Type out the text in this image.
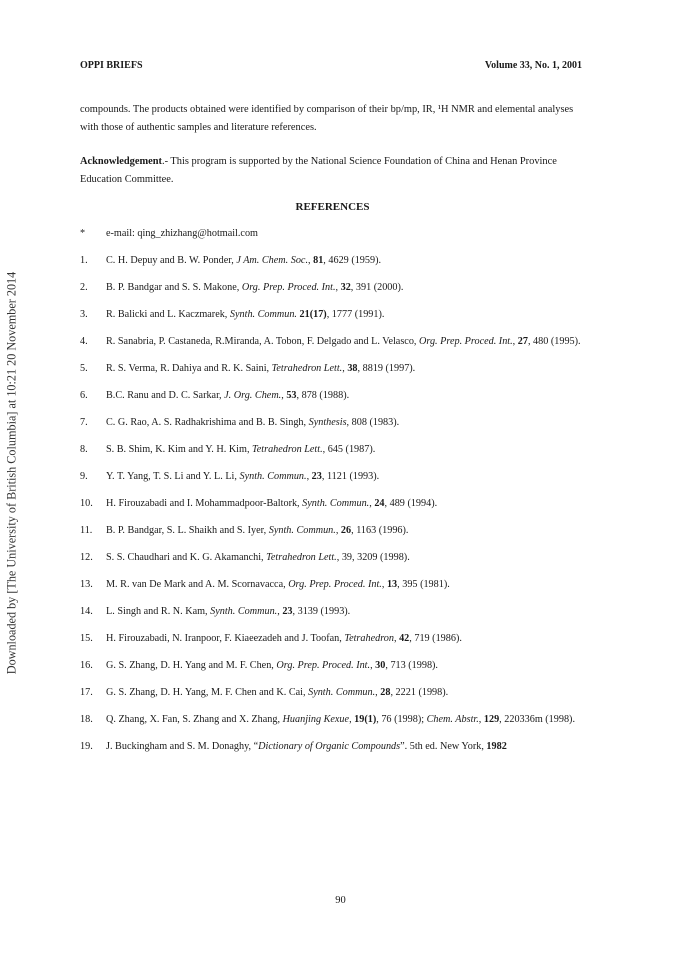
Downloaded by [The University of British Columbia] at 10:21 20 November 2014
OPPI BRIEFS	Volume 33, No. 1, 2001
compounds. The products obtained were identified by comparison of their bp/mp, IR, ¹H NMR and elemental analyses with those of authentic samples and literature references.
Acknowledgement.- This program is supported by the National Science Foundation of China and Henan Province Education Committee.
REFERENCES
* e-mail: qing_zhizhang@hotmail.com
1. C. H. Depuy and B. W. Ponder, J Am. Chem. Soc., 81, 4629 (1959).
2. B. P. Bandgar and S. S. Makone, Org. Prep. Proced. Int., 32, 391 (2000).
3. R. Balicki and L. Kaczmarek, Synth. Commun. 21(17), 1777 (1991).
4. R. Sanabria, P. Castaneda, R.Miranda, A. Tobon, F. Delgado and L. Velasco, Org. Prep. Proced. Int., 27, 480 (1995).
5. R. S. Verma, R. Dahiya and R. K. Saini, Tetrahedron Lett., 38, 8819 (1997).
6. B.C. Ranu and D. C. Sarkar, J. Org. Chem., 53, 878 (1988).
7. C. G. Rao, A. S. Radhakrishima and B. B. Singh, Synthesis, 808 (1983).
8. S. B. Shim, K. Kim and Y. H. Kim, Tetrahedron Lett., 645 (1987).
9. Y. T. Yang, T. S. Li and Y. L. Li, Synth. Commun., 23, 1121 (1993).
10. H. Firouzabadi and I. Mohammadpoor-Baltork, Synth. Commun., 24, 489 (1994).
11. B. P. Bandgar, S. L. Shaikh and S. Iyer, Synth. Commun., 26, 1163 (1996).
12. S. S. Chaudhari and K. G. Akamanchi, Tetrahedron Lett., 39, 3209 (1998).
13. M. R. van De Mark and A. M. Scornavacca, Org. Prep. Proced. Int., 13, 395 (1981).
14. L. Singh and R. N. Kam, Synth. Commun., 23, 3139 (1993).
15. H. Firouzabadi, N. Iranpoor, F. Kiaeezadeh and J. Toofan, Tetrahedron, 42, 719 (1986).
16. G. S. Zhang, D. H. Yang and M. F. Chen, Org. Prep. Proced. Int., 30, 713 (1998).
17. G. S. Zhang, D. H. Yang, M. F. Chen and K. Cai, Synth. Commun., 28, 2221 (1998).
18. Q. Zhang, X. Fan, S. Zhang and X. Zhang, Huanjing Kexue, 19(1), 76 (1998); Chem. Abstr., 129, 220336m (1998).
19. J. Buckingham and S. M. Donaghy, “Dictionary of Organic Compounds”. 5th ed. New York, 1982
90
